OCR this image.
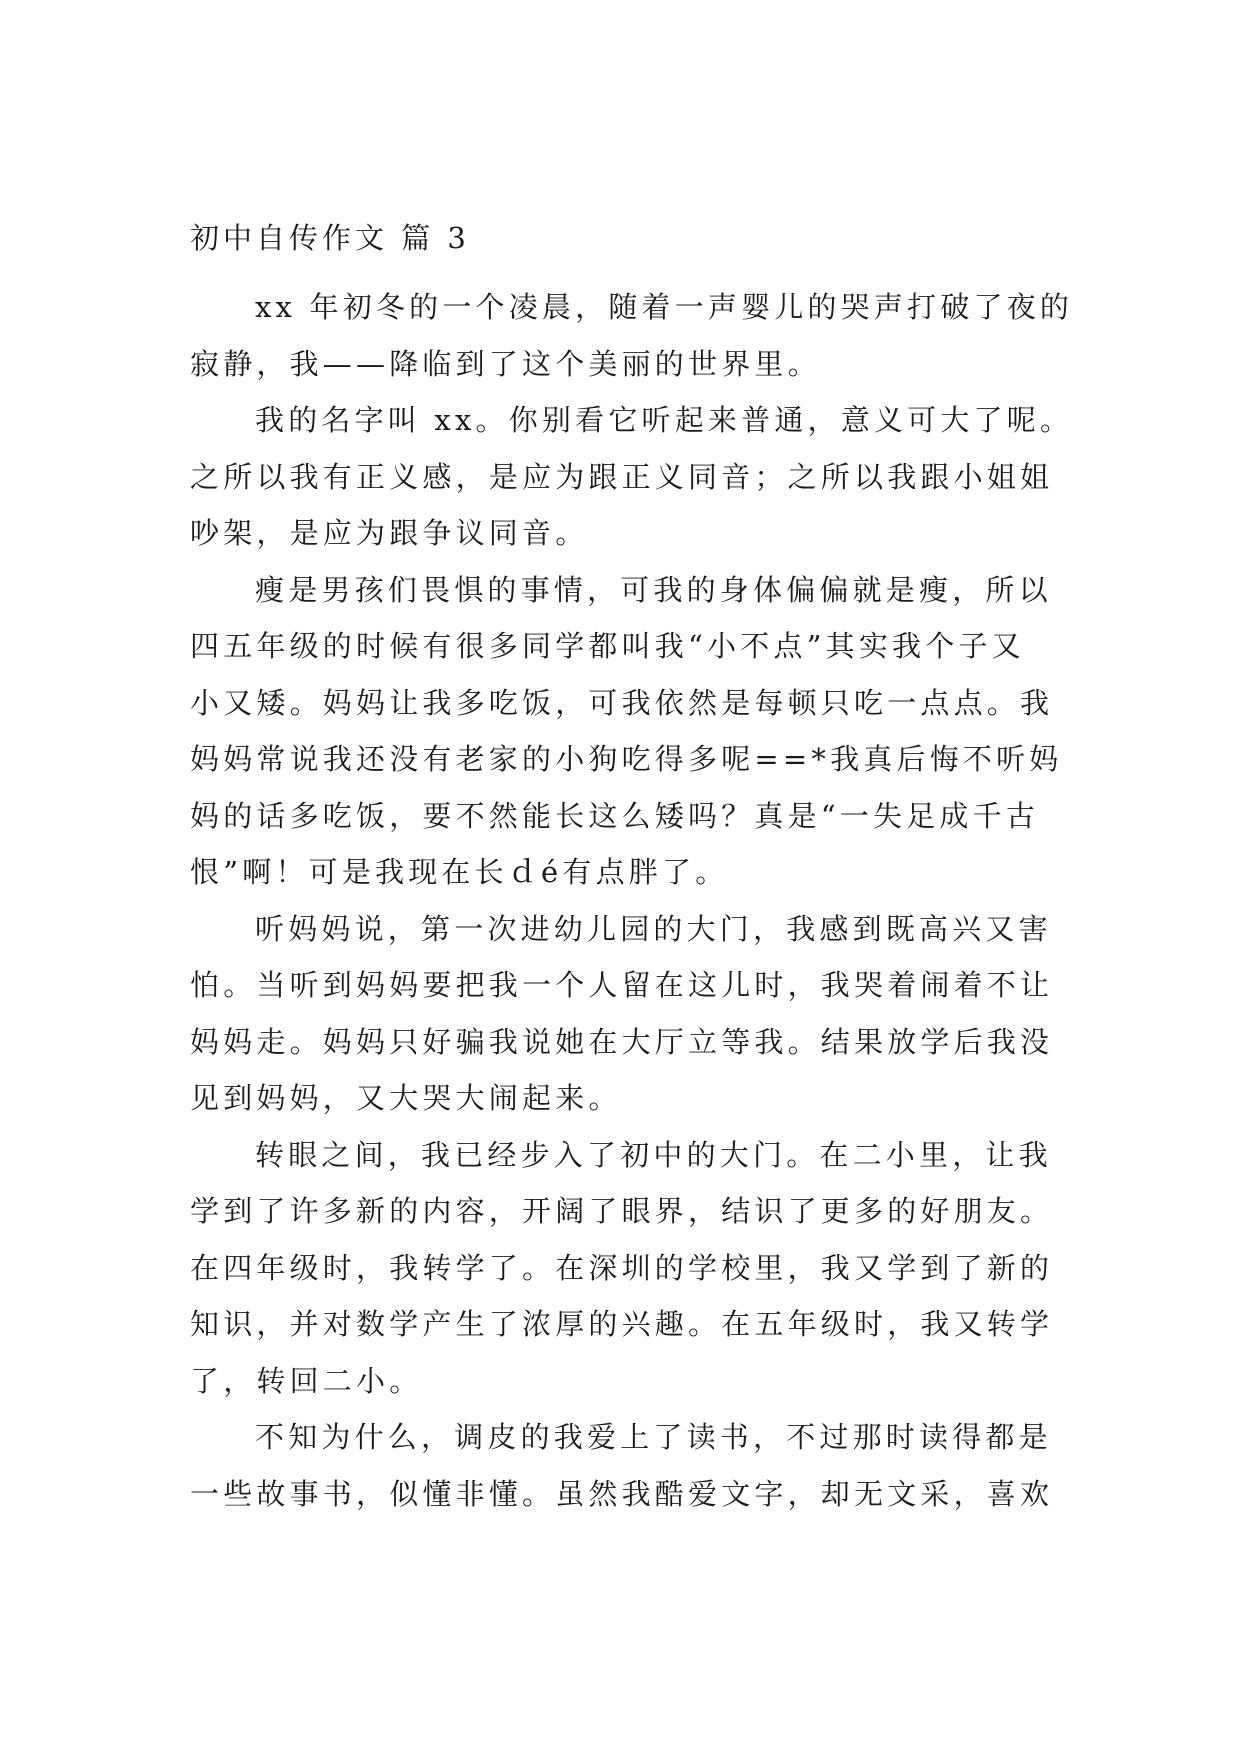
初中自传作文 篇 3
xx 年初冬的一个凌晨，随着一声婴儿的哭声打破了夜的
寂静，我——降临到了这个美丽的世界里。
我的名字叫 xx。你别看它听起来普通，意义可大了呢。
之所以我有正义感，是应为跟正义同音；之所以我跟小姐姐
吵架，是应为跟争议同音。
瘦是男孩们畏惧的事情，可我的身体偏偏就是瘦，所以
四五年级的时候有很多同学都叫我“小不点”其实我个子又
小又矮。妈妈让我多吃饭，可我依然是每顿只吃一点点。我
妈妈常说我还没有老家的小狗吃得多呢==*我真后悔不听妈
妈的话多吃饭，要不然能长这么矮吗？真是“一失足成千古
恨”啊！可是我现在长ｄé有点胖了。
听妈妈说，第一次进幼儿园的大门，我感到既高兴又害
怕。当听到妈妈要把我一个人留在这儿时，我哭着闹着不让
妈妈走。妈妈只好骗我说她在大厅立等我。结果放学后我没
见到妈妈，又大哭大闹起来。
转眼之间，我已经步入了初中的大门。在二小里，让我
学到了许多新的内容，开阔了眼界，结识了更多的好朋友。
在四年级时，我转学了。在深圳的学校里，我又学到了新的
知识，并对数学产生了浓厚的兴趣。在五年级时，我又转学
了，转回二小。
不知为什么，调皮的我爱上了读书，不过那时读得都是
一些故事书，似懂非懂。虽然我酷爱文字，却无文采，喜欢
